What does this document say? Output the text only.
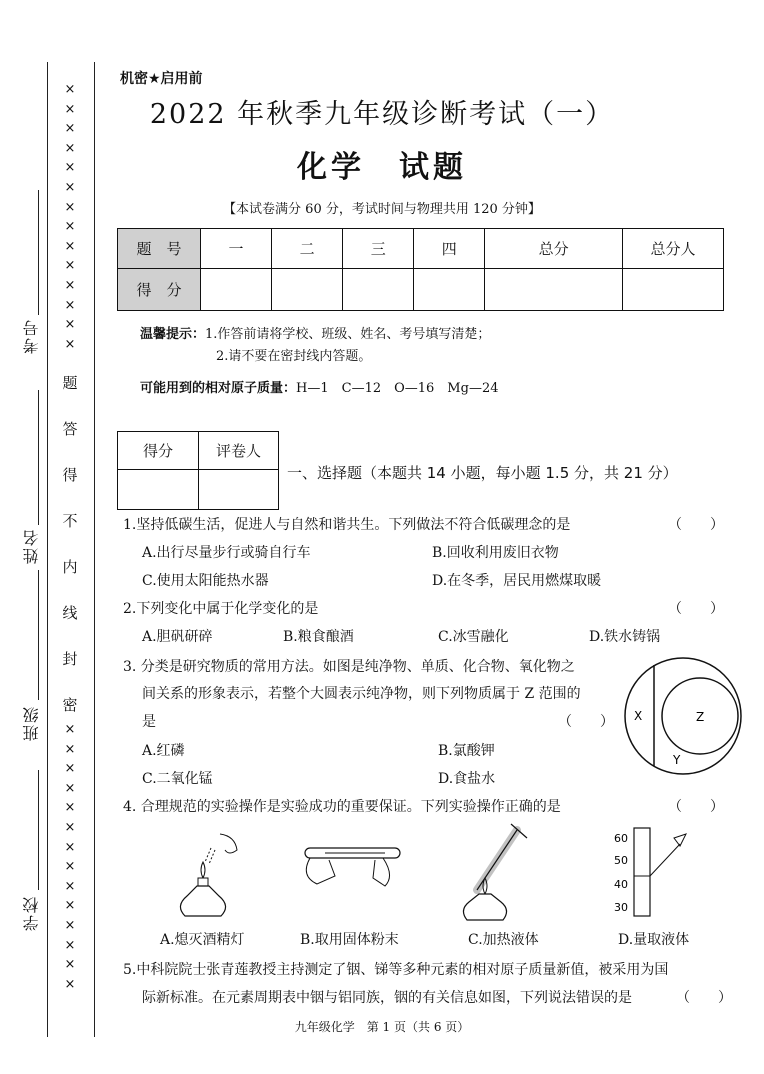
学校
班级
姓名
考号
×
×
×
×
×
×
×
×
×
×
×
×
×
×
题
答
得
不
内
线
封
密
×
×
×
×
×
×
×
×
×
×
×
×
×
×
机密★启用前
2022 年秋季九年级诊断考试（一）
化学　试题
【本试卷满分 60 分，考试时间与物理共用 120 分钟】
题　号	一	二	三	四	总分	总分人
得　分						
温馨提示：1.作答前请将学校、班级、姓名、考号填写清楚；
2.请不要在密封线内答题。
可能用到的相对原子质量：H—1　C—12　O—16　Mg—24
得分	评卷人

一、选择题（本题共 14 小题，每小题 1.5 分，共 21 分）
1.坚持低碳生活，促进人与自然和谐共生。下列做法不符合低碳理念的是	（　　）
A.出行尽量步行或骑自行车	B.回收利用废旧衣物
C.使用太阳能热水器	D.在冬季，居民用燃煤取暖
2.下列变化中属于化学变化的是	（　　）
A.胆矾研碎	B.粮食酿酒	C.冰雪融化	D.铁水铸锅
3. 分类是研究物质的常用方法。如图是纯净物、单质、化合物、氧化物之
间关系的形象表示，若整个大圆表示纯净物，则下列物质属于 Z 范围的
是	（　　）
A.红磷	B.氯酸钾
C.二氧化锰	D.食盐水
X	Z
Y
4. 合理规范的实验操作是实验成功的重要保证。下列实验操作正确的是	（　　）
60
50
40
30
A.熄灭酒精灯	B.取用固体粉末	C.加热液体	D.量取液体
5.中科院院士张青莲教授主持测定了铟、锑等多种元素的相对原子质量新值，被采用为国
际新标准。在元素周期表中铟与铝同族，铟的有关信息如图，下列说法错误的是	（　　）
九年级化学　第 1 页（共 6 页）
